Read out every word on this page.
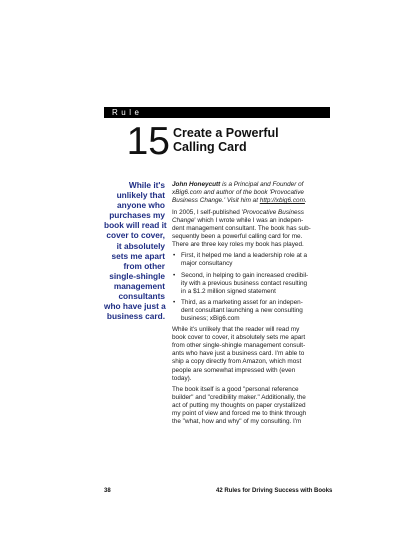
Rule
15 Create a Powerful
Calling Card
While it's
unlikely that
anyone who
purchases my
book will read it
cover to cover,
it absolutely
sets me apart
from other
single-shingle
management
consultants
who have just a
business card.
John Honeycutt is a Principal and Founder of
xBig6.com and author of the book 'Provocative
Business Change.' Visit him at http://xbig6.com.
In 2005, I self-published 'Provocative Business
Change' which I wrote while I was an indepen-
dent management consultant. The book has sub-
sequently been a powerful calling card for me.
There are three key roles my book has played.
• First, it helped me land a leadership role at a
major consultancy
• Second, in helping to gain increased credibil-
ity with a previous business contact resulting
in a $1.2 million signed statement
• Third, as a marketing asset for an indepen-
dent consultant launching a new consulting
business; xBig6.com
While it's unlikely that the reader will read my
book cover to cover, it absolutely sets me apart
from other single-shingle management consult-
ants who have just a business card. I'm able to
ship a copy directly from Amazon, which most
people are somewhat impressed with (even
today).
The book itself is a good "personal reference
builder" and "credibility maker." Additionally, the
act of putting my thoughts on paper crystallized
my point of view and forced me to think through
the "what, how and why" of my consulting. I'm
38	42 Rules for Driving Success with Books
